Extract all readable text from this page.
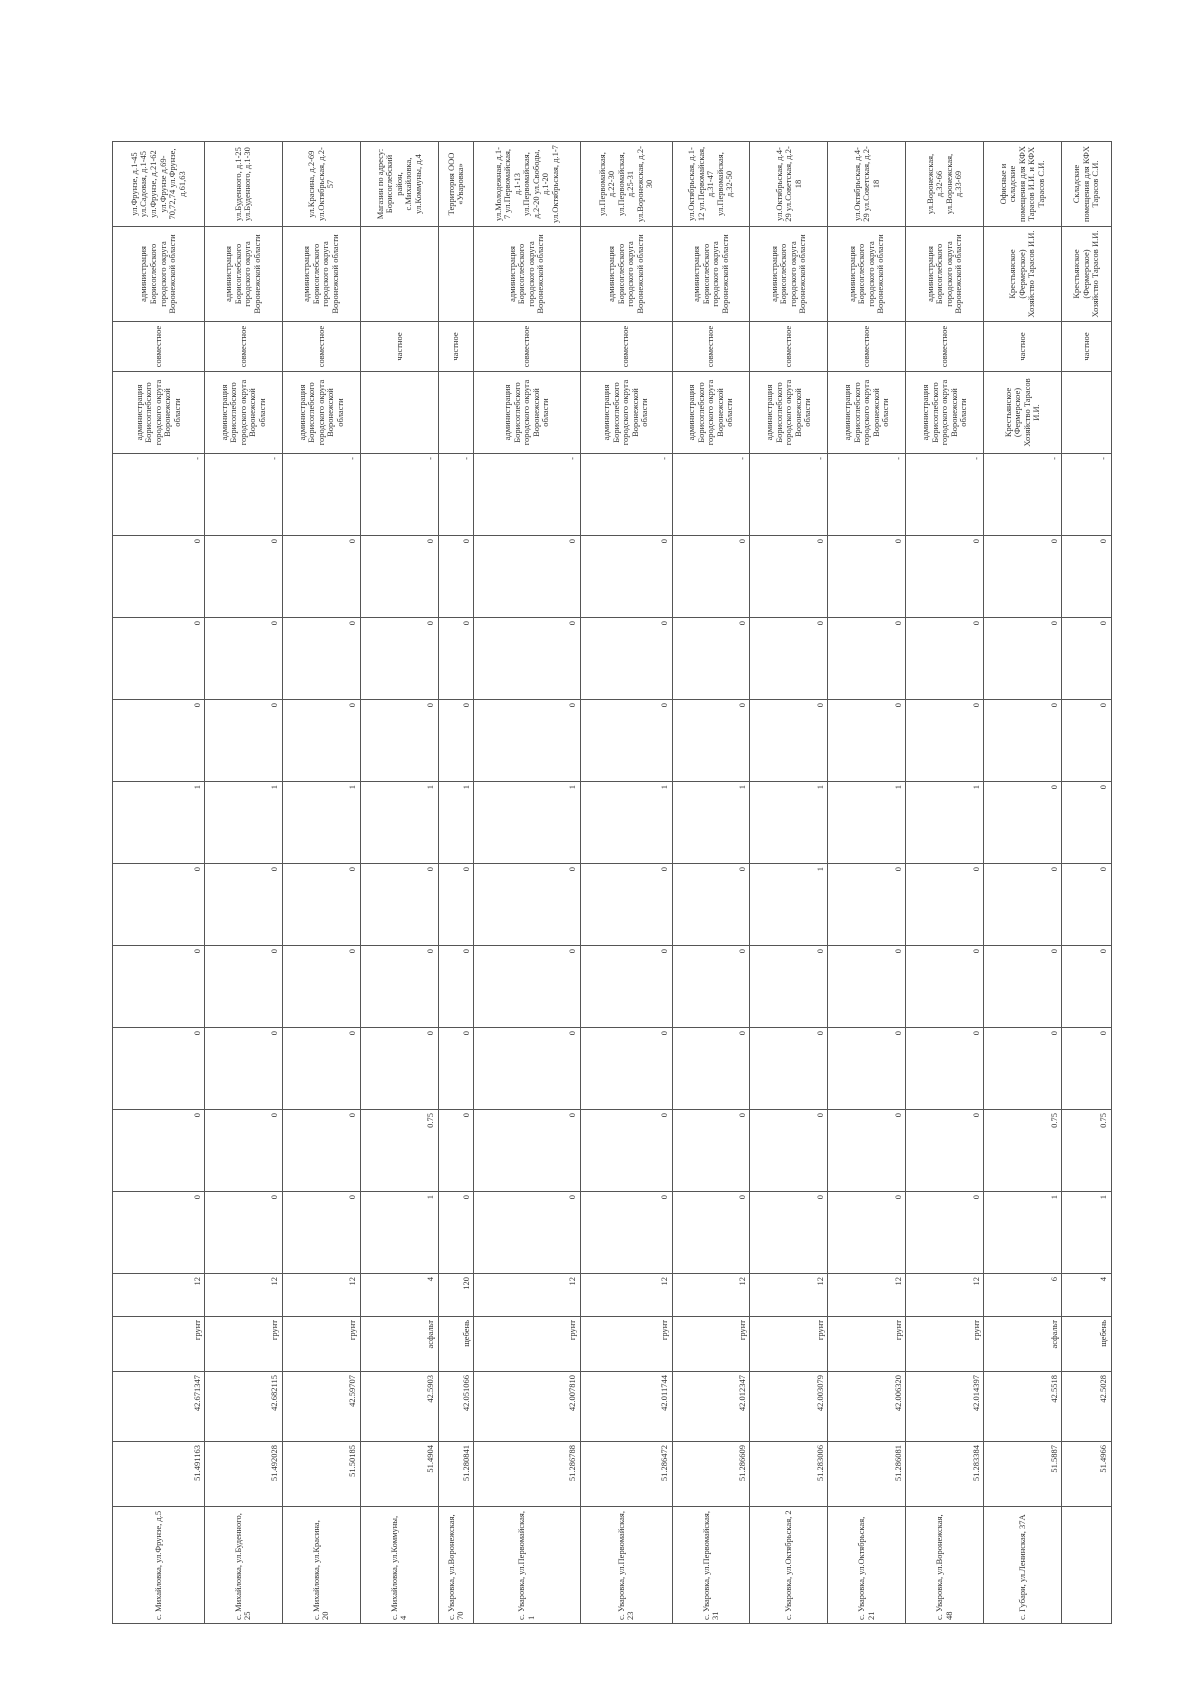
с. Михайловка, ул.Фрунзе, д.5	51.491163	42.671347	грунт	12	0	0	0	0	0	1	0	0	0	-	администрация Борисоглебского городского округа Воронежской области	совместное	администрация Борисоглебского городского округа Воронежской области	ул.Фрунзе, д.1-45 ул.Садовая, д.1-45 ул.Фрунзе, д.21-62 ул.Фрунзе д.69-70,72,74 ул.Фрунзе, д.61,63
с. Михайловка, ул.Буденного, 25	51.492028	42.682115	грунт	12	0	0	0	0	0	1	0	0	0	-	администрация Борисоглебского городского округа Воронежской области	совместное	администрация Борисоглебского городского округа Воронежской области	ул.Буденного, д.1-25 ул.Буденного, д.1-30
с. Михайловка, ул.Красина, 20	51.50185	42.59707	грунт	12	0	0	0	0	0	1	0	0	0	-	администрация Борисоглебского городского округа Воронежской области	совместное	администрация Борисоглебского городского округа Воронежской области	ул.Красина, д.2-69 ул.Октябрьская, д.2-57
с. Михайловка, ул.Коммуны, 4	51.4904	42.5903	асфальт	4	1	0.75	0	0	0	1	0	0	0	-		частное		Магазин по адресу: Борисоглебский район, с.Михайловка, ул.Коммуны, д.4
с. Уваровка, ул.Воронежская, 70	51.280841	42.051066	щебень	120	0	0	0	0	0	1	0	0	0	-		частное		Территория ООО «Уваровка»
с. Уваровка, ул.Первомайская, 1	51.286788	42.007810	грунт	12	0	0	0	0	0	1	0	0	0	-	администрация Борисоглебского городского округа Воронежской области	совместное	администрация Борисоглебского городского округа Воронежской области	ул.Молодежная, д.1-7 ул.Первомайская, д.1-13 ул.Первомайская, д.2-20 ул.Свободы, д.1-20 ул.Октябрьская, д.1-7
с. Уваровка, ул.Первомайская, 23	51.286472	42.011744	грунт	12	0	0	0	0	0	1	0	0	0	-	администрация Борисоглебского городского округа Воронежской области	совместное	администрация Борисоглебского городского округа Воронежской области	ул.Первомайская, д.22-30 ул.Первомайская, д.25-31 ул.Воронежская, д.2-30
с. Уваровка, ул.Первомайская, 31	51.286609	42.012347	грунт	12	0	0	0	0	0	1	0	0	0	-	администрация Борисоглебского городского округа Воронежской области	совместное	администрация Борисоглебского городского округа Воронежской области	ул.Октябрьская, д.1-12 ул.Первомайская, д.31-47 ул.Первомайская, д.32-50
с. Уваровка, ул.Октябрьская, 2	51.283006	42.003079	грунт	12	0	0	0	0	1	1	0	0	0	-	администрация Борисоглебского городского округа Воронежской области	совместное	администрация Борисоглебского городского округа Воронежской области	ул.Октябрьская, д.4-29 ул.Советская, д.2-18
с. Уваровка, ул.Октябрьская, 21	51.286081	42.006320	грунт	12	0	0	0	0	0	1	0	0	0	-	администрация Борисоглебского городского округа Воронежской области	совместное	администрация Борисоглебского городского округа Воронежской области	ул.Октябрьская, д.4-29 ул.Советская, д.2-18
с. Уваровка, ул.Воронежская, 48	51.283384	42.014397	грунт	12	0	0	0	0	0	1	0	0	0	-	администрация Борисоглебского городского округа Воронежской области	совместное	администрация Борисоглебского городского округа Воронежской области	ул.Воронежская, д.32-66 ул.Воронежская, д.33-69
с. Губари, ул.Ленинская, 37А	51.5887	42.5518	асфальт	6	1	0.75	0	0	0	0	0	0	0	-	Крестьянское (Фермерское) Хозяйство Тарасов И.И.	частное	Крестьянское (Фермерское) Хозяйство Тарасов И.И.	Офисные и складские помещения для КФХ Тарасов И.И. и КФХ Тарасов С.И.
	51.4966	42.5028	щебень	4	1	0.75	0	0	0	0	0	0	0	-		частное	Крестьянское (Фермерское) Хозяйство Тарасов И.И.	Складские помещения для КФХ Тарасов С.И.
